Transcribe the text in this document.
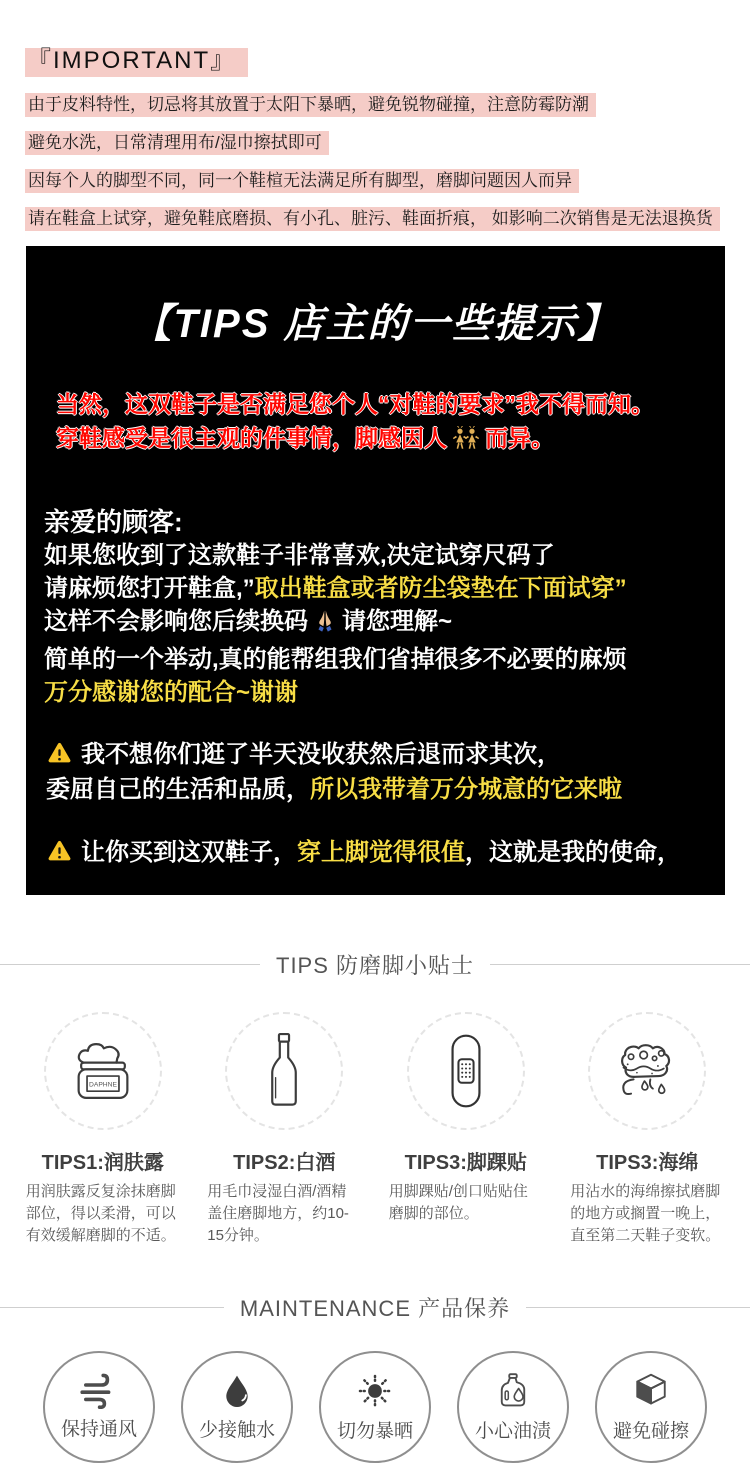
『IMPORTANT』
由于皮料特性，切忌将其放置于太阳下暴晒，避免锐物碰撞，注意防霉防潮
避免水洗，日常清理用布/湿巾擦拭即可
因每个人的脚型不同，同一个鞋楦无法满足所有脚型，磨脚问题因人而异
请在鞋盒上试穿，避免鞋底磨损、有小孔、脏污、鞋面折痕， 如影响二次销售是无法退换货
【TIPS 店主的一些提示】
当然，这双鞋子是否满足您个人“对鞋的要求”我不得而知。
穿鞋感受是很主观的件事情，脚感因人 而异。
亲爱的顾客:
如果您收到了这款鞋子非常喜欢,决定试穿尺码了
请麻烦您打开鞋盒,”取出鞋盒或者防尘袋垫在下面试穿”
这样不会影响您后续换码 请您理解~
简单的一个举动,真的能帮组我们省掉很多不必要的麻烦
万分感谢您的配合~谢谢
我不想你们逛了半天没收获然后退而求其次，
委屈自己的生活和品质，所以我带着万分城意的它来啦
让你买到这双鞋子，穿上脚觉得很值，这就是我的使命，
TIPS 防磨脚小贴士
DAPHNE
TIPS1:润肤露
用润肤露反复涂抹磨脚部位，得以柔滑，可以有效缓解磨脚的不适。
TIPS2:白酒
用毛巾浸湿白酒/酒精盖住磨脚地方，约10-15分钟。
TIPS3:脚踝贴
用脚踝贴/创口贴贴住磨脚的部位。
TIPS3:海绵
用沾水的海绵擦拭磨脚的地方或搁置一晚上，直至第二天鞋子变软。
MAINTENANCE 产品保养
保持通风	少接触水	切勿暴晒	小心油渍	避免碰擦
